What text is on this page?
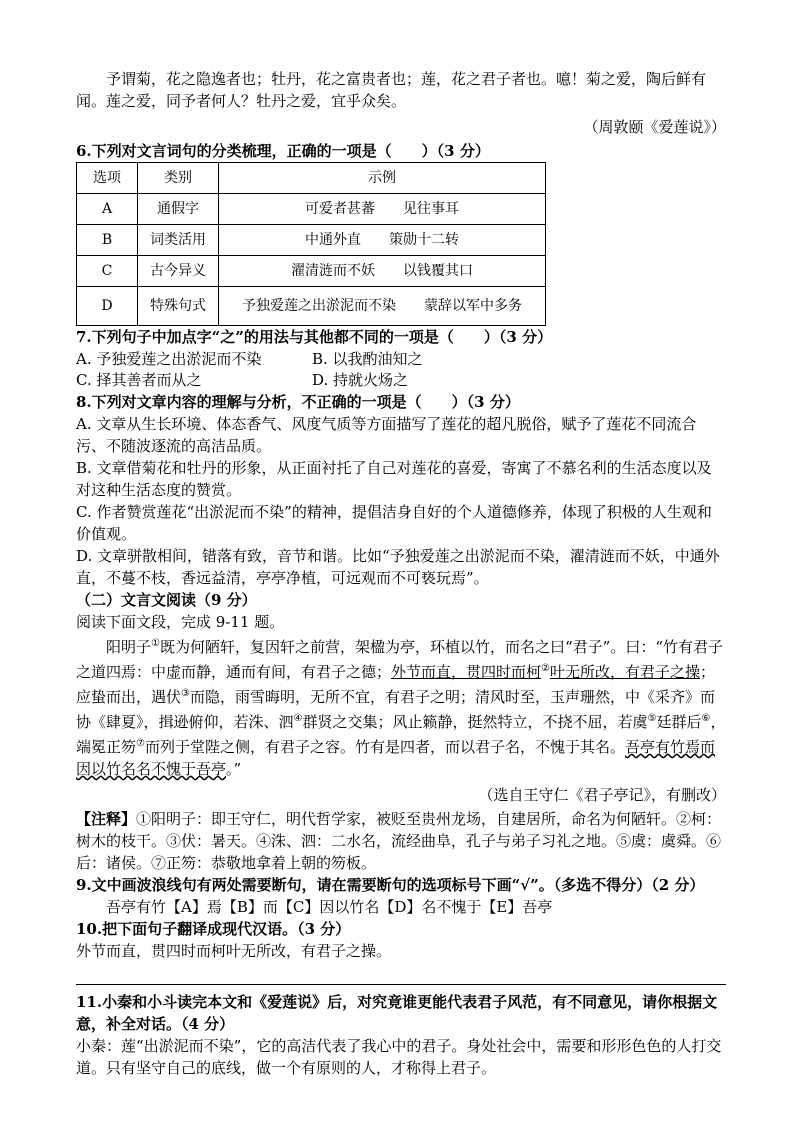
予谓菊，花之隐逸者也；牡丹，花之富贵者也；莲，花之君子者也。噫！菊之爱，陶后鲜有闻。莲之爱，同予者何人？牡丹之爱，宜乎众矣。

（周敦颐《爱莲说》）

6.下列对文言词句的分类梳理，正确的一项是（　　）（3 分）

选项	类别	示例
A	通假字	可爱者甚蕃　　见往事耳
B	词类活用	中通外直　　策勋十二转
C	古今异义	濯清涟而不妖　　以钱覆其口
D	特殊句式	予独爱莲之出淤泥而不染　　蒙辞以军中多务

7.下列句子中加点字“之”的用法与其他都不同的一项是（　　）（3 分）

A. 予独爱莲之出淤泥而不染	B. 以我酌油知之
C. 择其善者而从之	D. 持就火炀之

8.下列对文章内容的理解与分析，不正确的一项是（　　）（3 分）

A. 文章从生长环境、体态香气、风度气质等方面描写了莲花的超凡脱俗，赋予了莲花不同流合污、不随波逐流的高洁品质。

B. 文章借菊花和牡丹的形象，从正面衬托了自己对莲花的喜爱，寄寓了不慕名利的生活态度以及对这种生活态度的赞赏。

C. 作者赞赏莲花“出淤泥而不染”的精神，提倡洁身自好的个人道德修养，体现了积极的人生观和价值观。

D. 文章骈散相间，错落有致，音节和谐。比如“予独爱莲之出淤泥而不染，濯清涟而不妖，中通外直，不蔓不枝，香远益清，亭亭净植，可远观而不可亵玩焉”。

（二）文言文阅读（9 分）

阅读下面文段，完成 9-11 题。

阳明子①既为何陋轩，复因轩之前营，架楹为亭，环植以竹，而名之曰“君子”。曰：“竹有君子之道四焉：中虚而静，通而有间，有君子之德；外节而直，贯四时而柯②叶无所改，有君子之操；应蛰而出，遇伏③而隐，雨雪晦明，无所不宜，有君子之明；清风时至，玉声珊然，中《采齐》而协《肆夏》，揖逊俯仰，若洙、泗④群贤之交集；风止籁静，挺然特立，不挠不屈，若虞⑤廷群后⑥，端冕正笏⑦而列于堂陛之侧，有君子之容。竹有是四者，而以君子名，不愧于其名。吾亭有竹焉而因以竹名名不愧于吾亭。”

（选自王守仁《君子亭记》，有删改）

【注释】①阳明子：即王守仁，明代哲学家，被贬至贵州龙场，自建居所，命名为何陋轩。②柯：树木的枝干。③伏：暑天。④洙、泗：二水名，流经曲阜，孔子与弟子习礼之地。⑤虞：虞舜。⑥后：诸侯。⑦正笏：恭敬地拿着上朝的笏板。

9.文中画波浪线句有两处需要断句，请在需要断句的选项标号下画“√”。（多选不得分）（2 分）

吾亭有竹【A】焉【B】而【C】因以竹名【D】名不愧于【E】吾亭

10.把下面句子翻译成现代汉语。（3 分）

外节而直，贯四时而柯叶无所改，有君子之操。

11.小秦和小斗读完本文和《爱莲说》后，对究竟谁更能代表君子风范，有不同意见，请你根据文意，补全对话。（4 分）

小秦：莲“出淤泥而不染”，它的高洁代表了我心中的君子。身处社会中，需要和形形色色的人打交道。只有坚守自己的底线，做一个有原则的人，才称得上君子。
